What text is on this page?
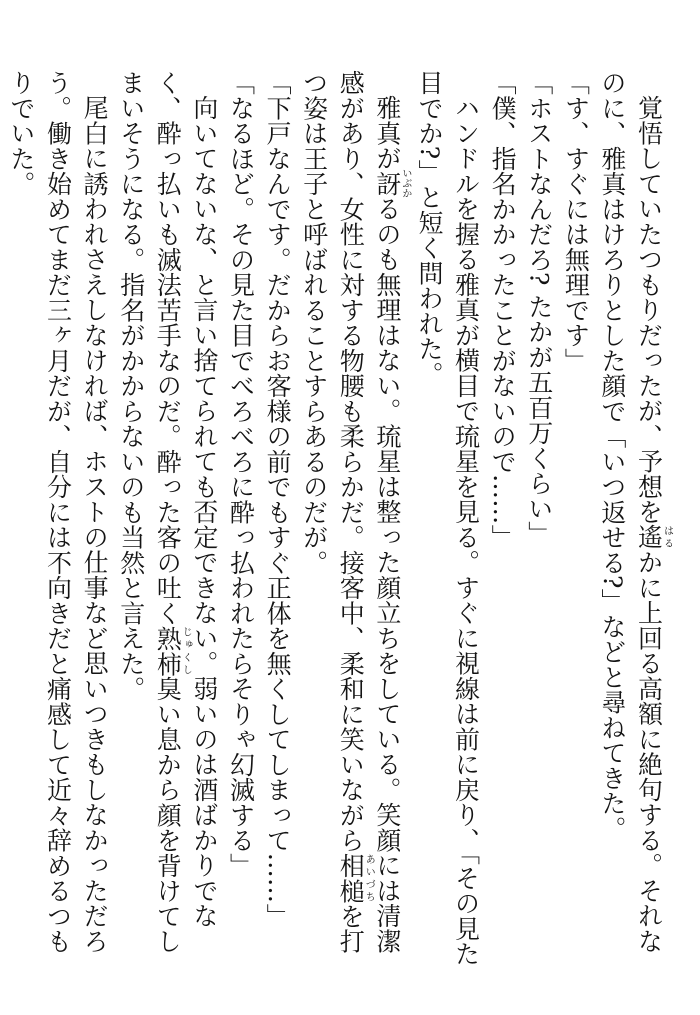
覚悟していたつもりだったが、予想を遙はるかに上回る高額に絶句する。それなのに、雅真はけろりとした顔で「いつ返せる?」などと尋ねてきた。

「す、すぐには無理です」

「ホストなんだろ? たかが五百万くらい」

「僕、指名かかったことがないので……」

ハンドルを握る雅真が横目で琉星を見る。すぐに視線は前に戻り、「その見た目でか?」と短く問われた。

雅真が訝いぶかるのも無理はない。琉星は整った顔立ちをしている。笑顔には清潔感があり、女性に対する物腰も柔らかだ。接客中、柔和に笑いながら相槌あいづちを打つ姿は王子と呼ばれることすらあるのだが。

「下戸なんです。だからお客様の前でもすぐ正体を無くしてしまって……」

「なるほど。その見た目でべろべろに酔っ払われたらそりゃ幻滅する」

向いてないな、と言い捨てられても否定できない。弱いのは酒ばかりでなく、酔っ払いも滅法苦手なのだ。酔った客の吐く熟柿じゅくし臭い息から顔を背けてしまいそうになる。指名がかからないのも当然と言えた。

尾白に誘われさえしなければ、ホストの仕事など思いつきもしなかっただろう。働き始めてまだ三ヶ月だが、自分には不向きだと痛感して近々辞めるつもりでいた。
